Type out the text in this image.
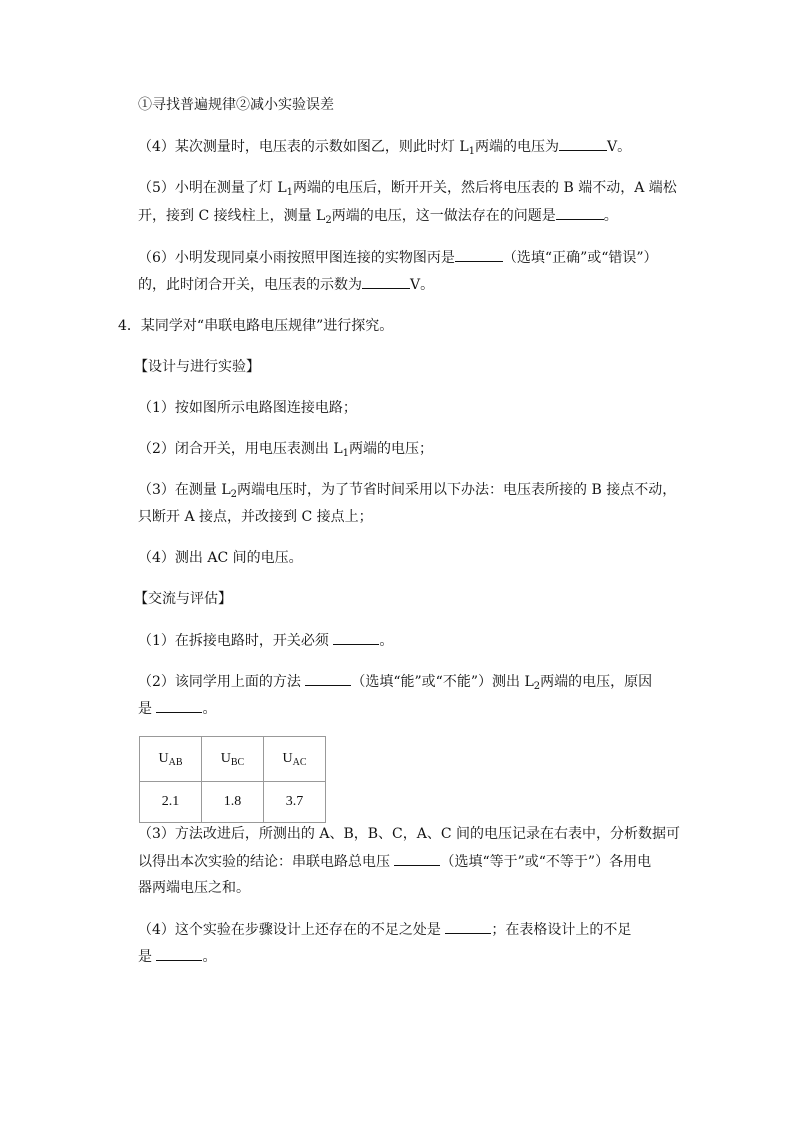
①寻找普遍规律②减小实验误差
（4）某次测量时，电压表的示数如图乙，则此时灯 $L_1$两端的电压为	V。
（5）小明在测量了灯 $L_1$两端的电压后，断开开关，然后将电压表的 B 端不动，A 端松
开，接到 C 接线柱上，测量 $L_2$两端的电压，这一做法存在的问题是	。
（6）小明发现同桌小雨按照甲图连接的实物图丙是	（选填“正确”或“错误”）
的，此时闭合开关，电压表的示数为	V。
4．某同学对“串联电路电压规律”进行探究。
【设计与进行实验】
（1）按如图所示电路图连接电路；
（2）闭合开关，用电压表测出 $L_1$两端的电压；
（3）在测量 $L_2$两端电压时，为了节省时间采用以下办法：电压表所接的 B 接点不动，
只断开 A 接点，并改接到 C 接点上；
（4）测出 AC 间的电压。
【交流与评估】
（1）在拆接电路时，开关必须	。
（2）该同学用上面的方法	（选填“能”或“不能”）测出 $L_2$两端的电压，原因
是	。
$U_{AB}$	$U_{BC}$	$U_{AC}$
2.1	1.8	3.7
（3）方法改进后，所测出的 A、B，B、C，A、C 间的电压记录在右表中，分析数据可
以得出本次实验的结论：串联电路总电压	（选填“等于”或“不等于”）各用电
器两端电压之和。
（4）这个实验在步骤设计上还存在的不足之处是	；在表格设计上的不足
是	。
